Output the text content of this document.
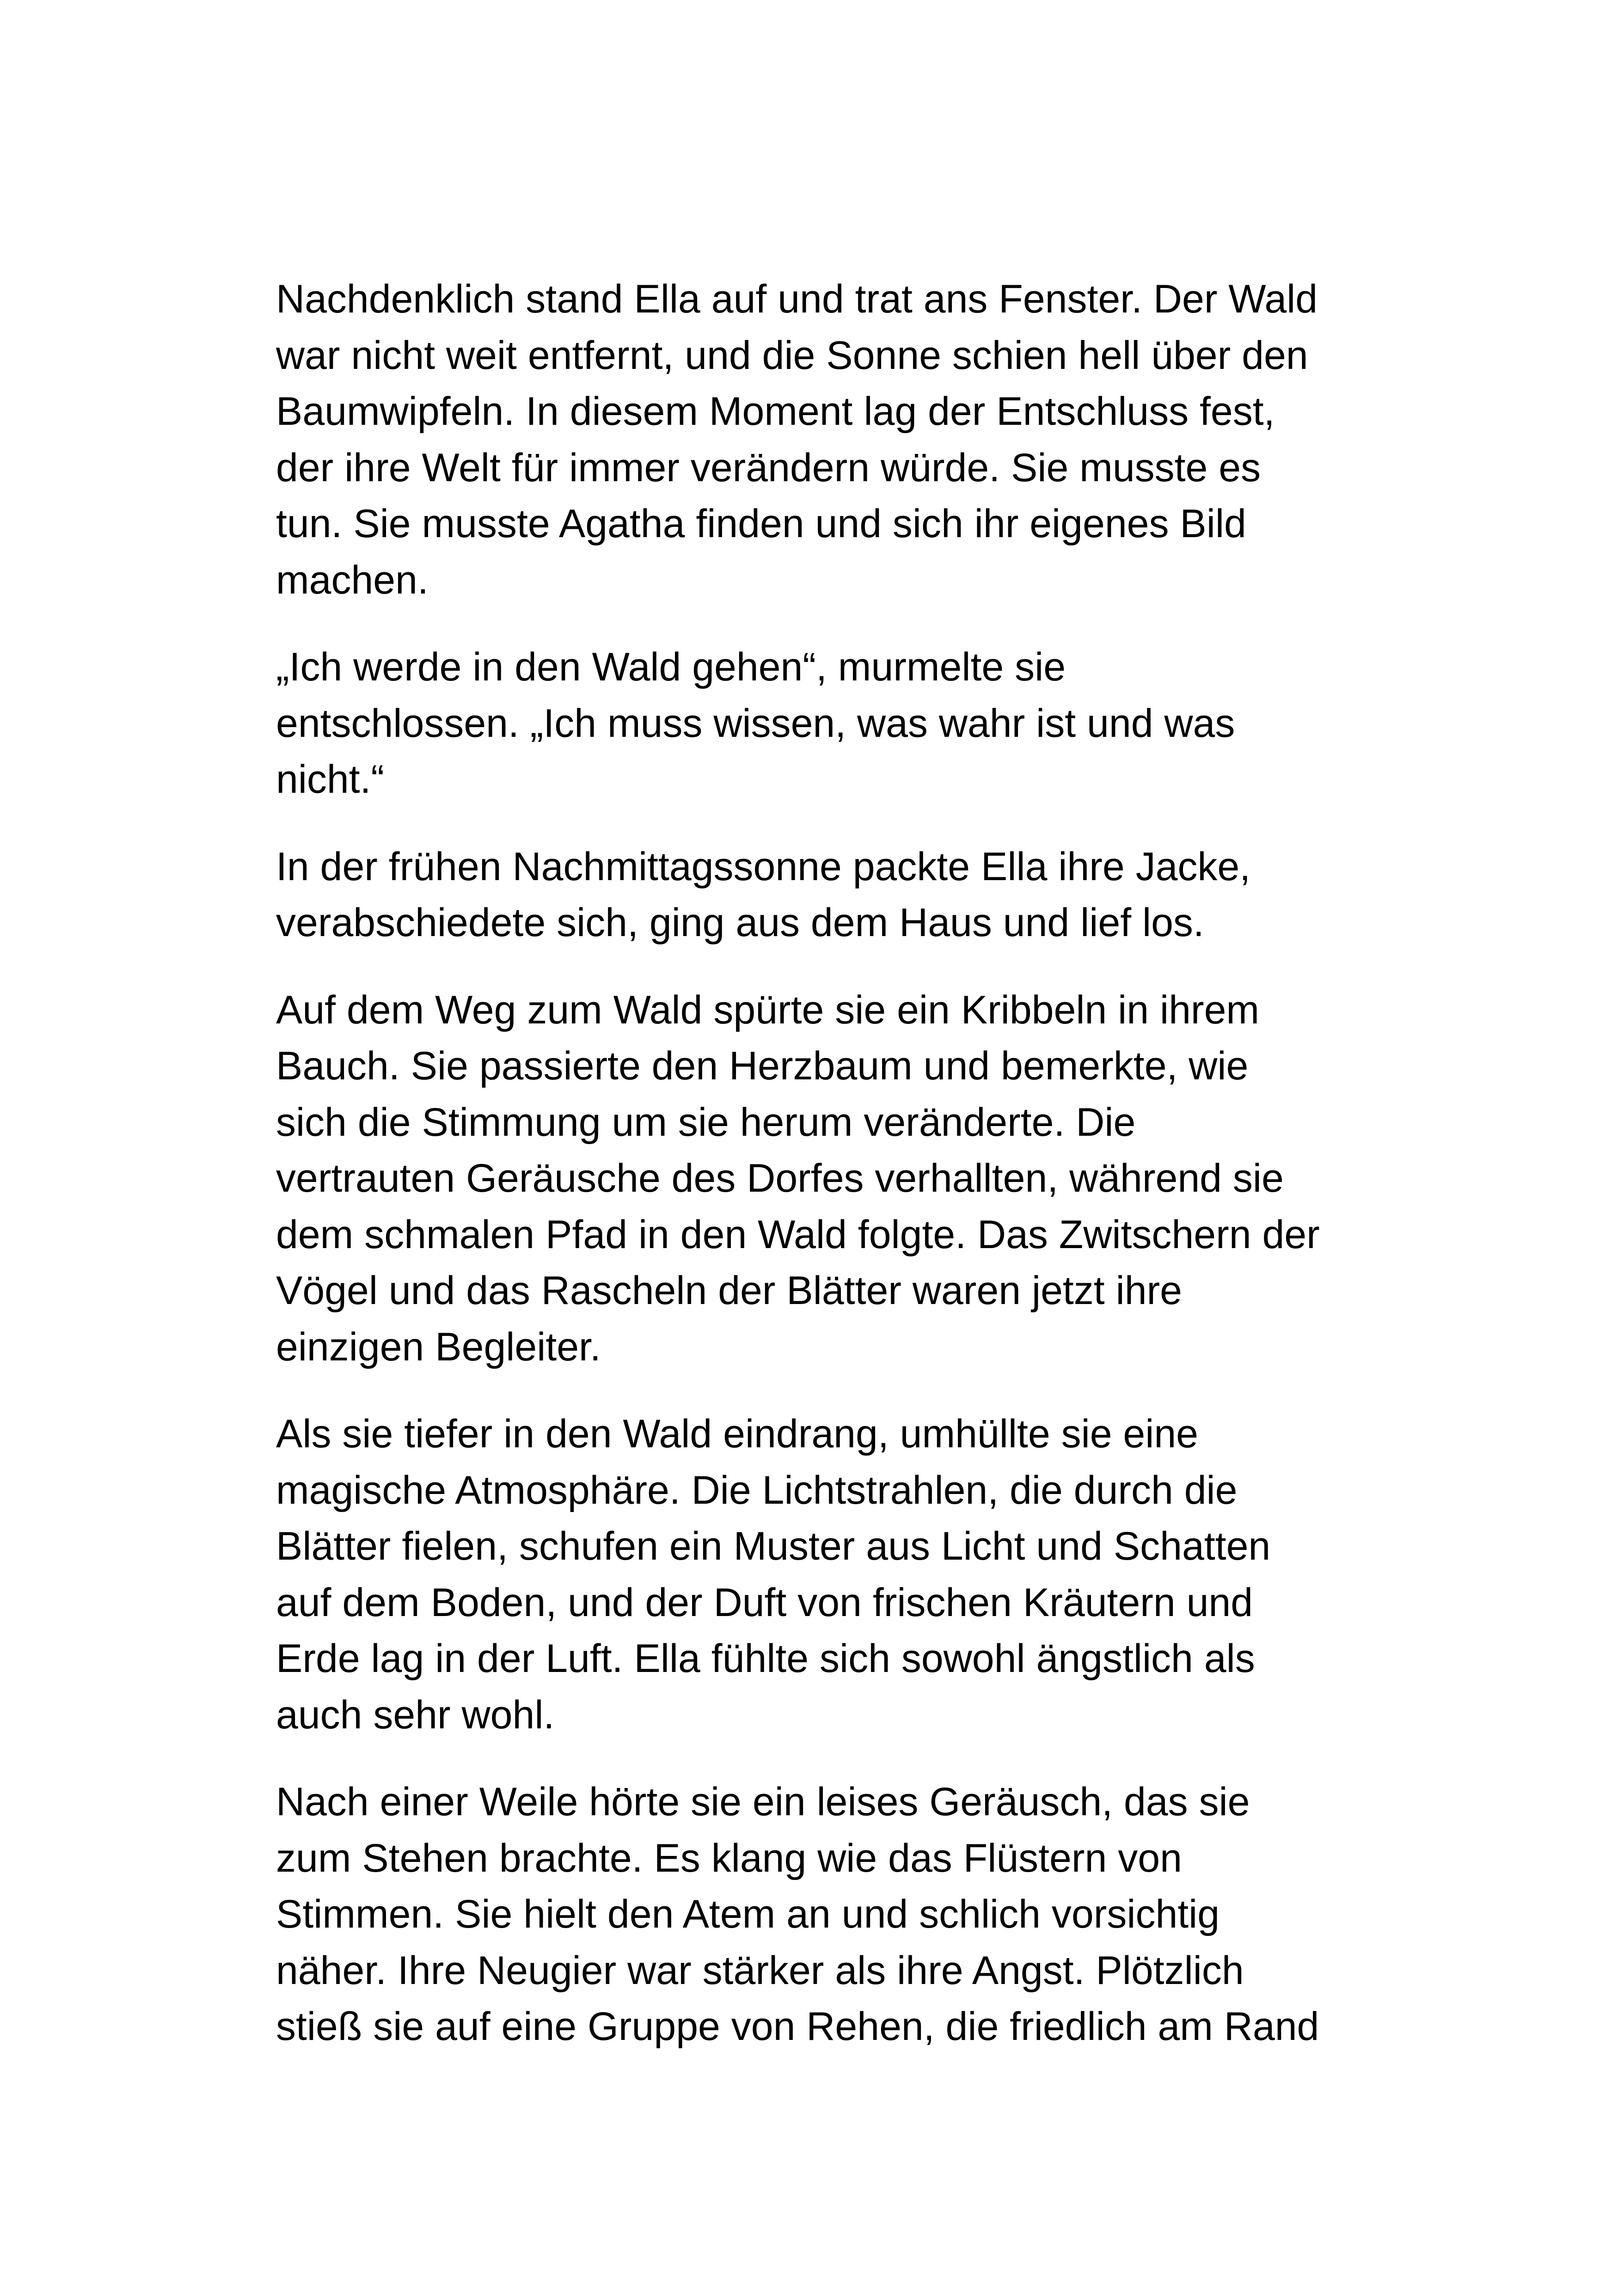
Nachdenklich stand Ella auf und trat ans Fenster. Der Wald
war nicht weit entfernt, und die Sonne schien hell über den
Baumwipfeln. In diesem Moment lag der Entschluss fest,
der ihre Welt für immer verändern würde. Sie musste es
tun. Sie musste Agatha finden und sich ihr eigenes Bild
machen.

„Ich werde in den Wald gehen“, murmelte sie
entschlossen. „Ich muss wissen, was wahr ist und was
nicht.“

In der frühen Nachmittagssonne packte Ella ihre Jacke,
verabschiedete sich, ging aus dem Haus und lief los.

Auf dem Weg zum Wald spürte sie ein Kribbeln in ihrem
Bauch. Sie passierte den Herzbaum und bemerkte, wie
sich die Stimmung um sie herum veränderte. Die
vertrauten Geräusche des Dorfes verhallten, während sie
dem schmalen Pfad in den Wald folgte. Das Zwitschern der
Vögel und das Rascheln der Blätter waren jetzt ihre
einzigen Begleiter.

Als sie tiefer in den Wald eindrang, umhüllte sie eine
magische Atmosphäre. Die Lichtstrahlen, die durch die
Blätter fielen, schufen ein Muster aus Licht und Schatten
auf dem Boden, und der Duft von frischen Kräutern und
Erde lag in der Luft. Ella fühlte sich sowohl ängstlich als
auch sehr wohl.

Nach einer Weile hörte sie ein leises Geräusch, das sie
zum Stehen brachte. Es klang wie das Flüstern von
Stimmen. Sie hielt den Atem an und schlich vorsichtig
näher. Ihre Neugier war stärker als ihre Angst. Plötzlich
stieß sie auf eine Gruppe von Rehen, die friedlich am Rand
